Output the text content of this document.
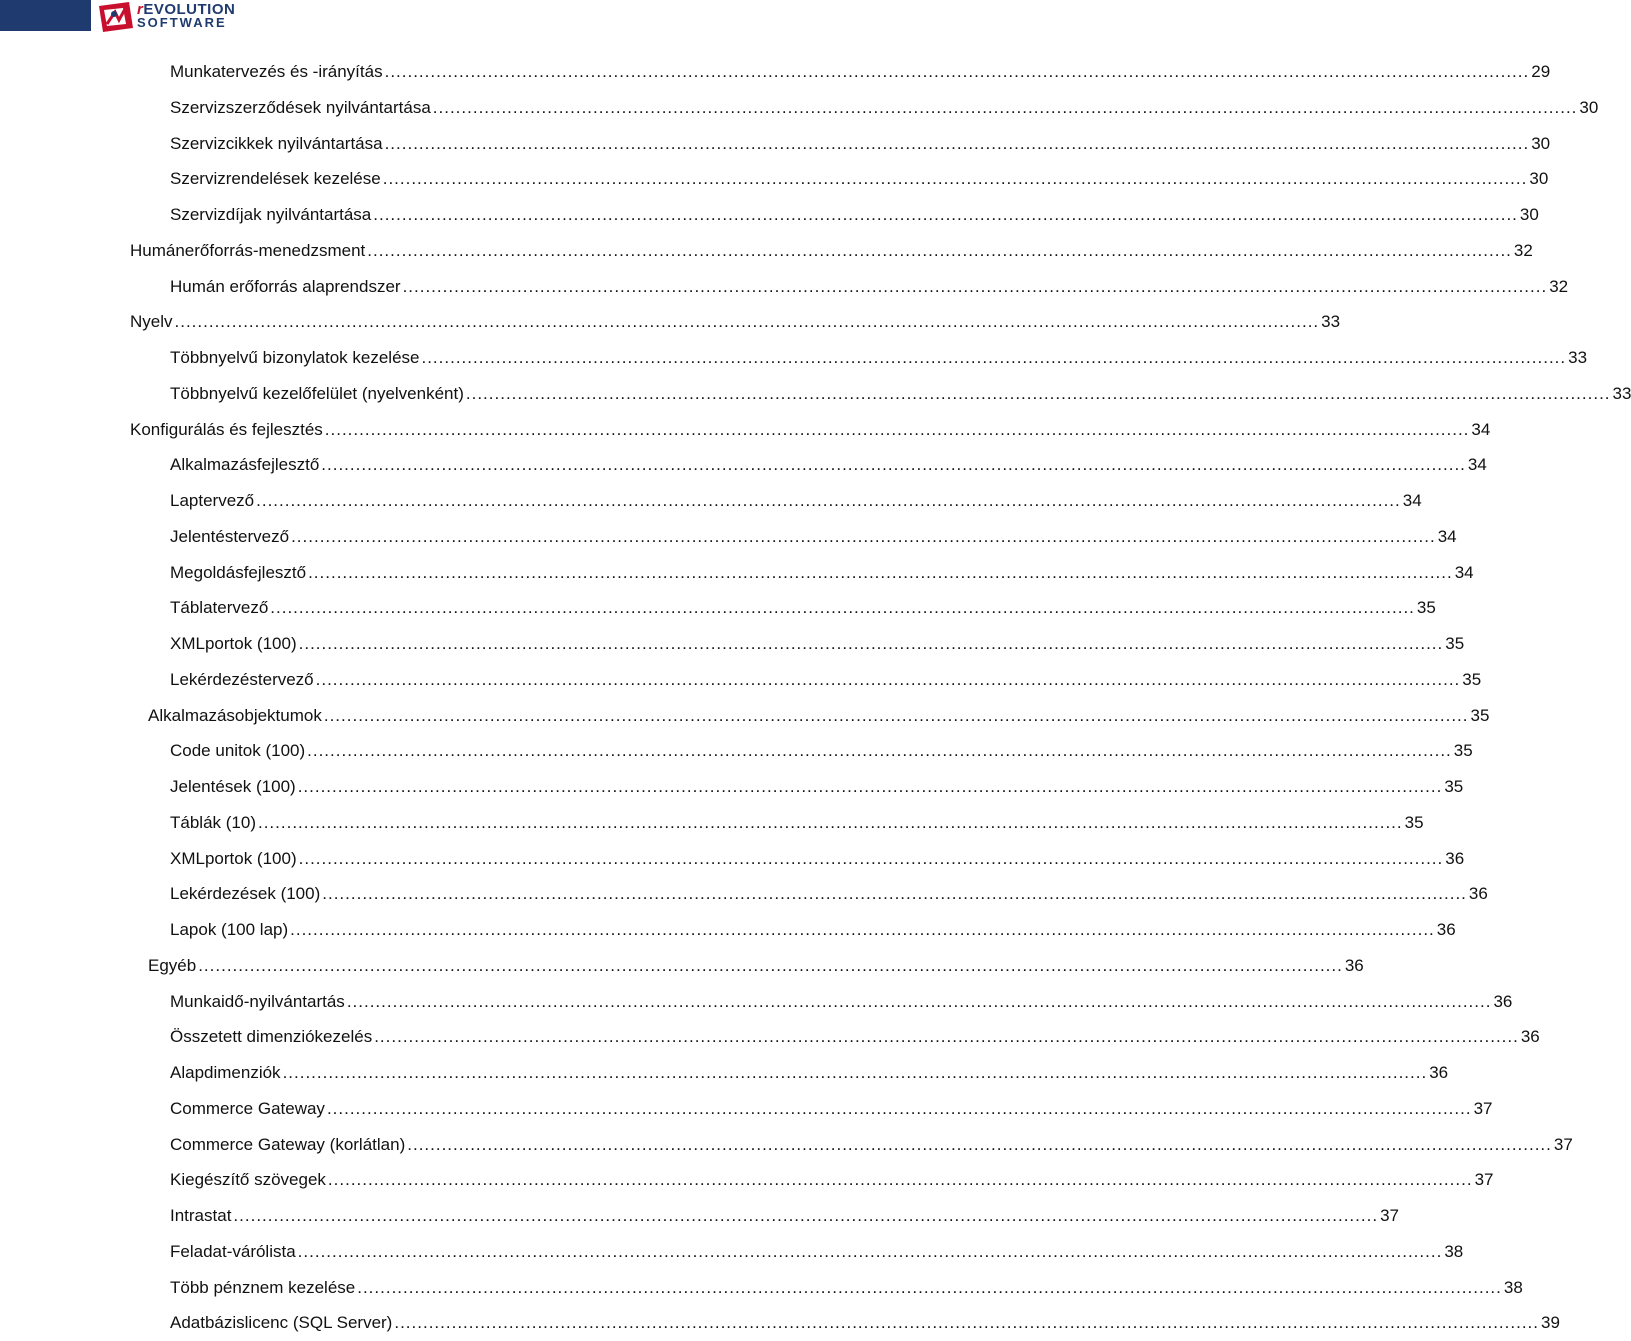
rEVOLUTION
SOFTWARE
Munkatervezés és -irányítás ........................................................................................................................................................................................................ 29
Szervizszerződések nyilvántartása ........................................................................................................................................................................................................ 30
Szervizcikkek nyilvántartása ........................................................................................................................................................................................................ 30
Szervizrendelések kezelése ........................................................................................................................................................................................................ 30
Szervizdíjak nyilvántartása ........................................................................................................................................................................................................ 30
Humánerőforrás-menedzsment ........................................................................................................................................................................................................ 32
Humán erőforrás alaprendszer ........................................................................................................................................................................................................ 32
Nyelv ........................................................................................................................................................................................................ 33
Többnyelvű bizonylatok kezelése ........................................................................................................................................................................................................ 33
Többnyelvű kezelőfelület (nyelvenként) ........................................................................................................................................................................................................ 33
Konfigurálás és fejlesztés ........................................................................................................................................................................................................ 34
Alkalmazásfejlesztő ........................................................................................................................................................................................................ 34
Laptervező ........................................................................................................................................................................................................ 34
Jelentéstervező ........................................................................................................................................................................................................ 34
Megoldásfejlesztő ........................................................................................................................................................................................................ 34
Táblatervező ........................................................................................................................................................................................................ 35
XMLportok (100) ........................................................................................................................................................................................................ 35
Lekérdezéstervező ........................................................................................................................................................................................................ 35
Alkalmazásobjektumok ........................................................................................................................................................................................................ 35
Code unitok (100) ........................................................................................................................................................................................................ 35
Jelentések (100) ........................................................................................................................................................................................................ 35
Táblák (10) ........................................................................................................................................................................................................ 35
XMLportok (100) ........................................................................................................................................................................................................ 36
Lekérdezések (100) ........................................................................................................................................................................................................ 36
Lapok (100 lap) ........................................................................................................................................................................................................ 36
Egyéb ........................................................................................................................................................................................................ 36
Munkaidő-nyilvántartás ........................................................................................................................................................................................................ 36
Összetett dimenziókezelés ........................................................................................................................................................................................................ 36
Alapdimenziók ........................................................................................................................................................................................................ 36
Commerce Gateway ........................................................................................................................................................................................................ 37
Commerce Gateway (korlátlan) ........................................................................................................................................................................................................ 37
Kiegészítő szövegek ........................................................................................................................................................................................................ 37
Intrastat ........................................................................................................................................................................................................ 37
Feladat-várólista ........................................................................................................................................................................................................ 38
Több pénznem kezelése ........................................................................................................................................................................................................ 38
Adatbázislicenc (SQL Server) ........................................................................................................................................................................................................ 39
